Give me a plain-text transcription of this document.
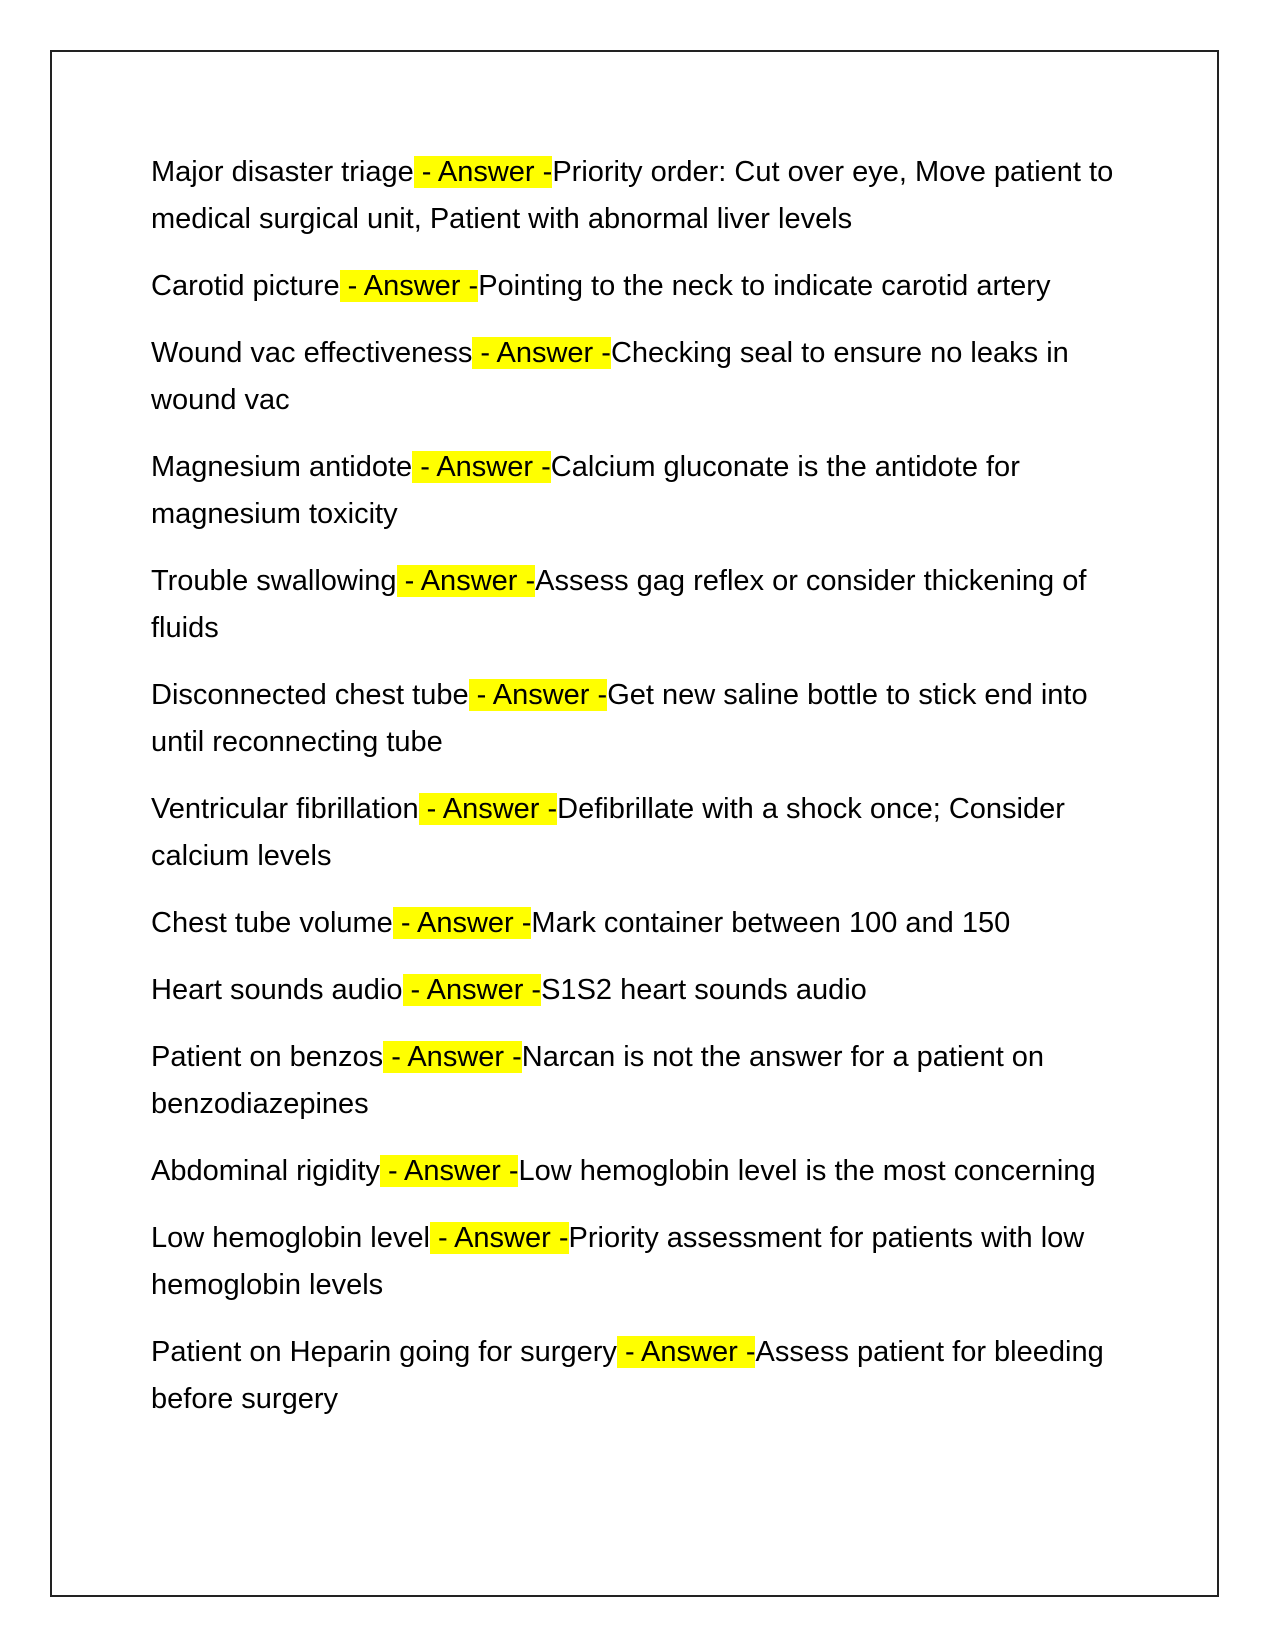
Major disaster triage - Answer -Priority order: Cut over eye, Move patient to medical surgical unit, Patient with abnormal liver levels

Carotid picture - Answer -Pointing to the neck to indicate carotid artery

Wound vac effectiveness - Answer -Checking seal to ensure no leaks in wound vac

Magnesium antidote - Answer -Calcium gluconate is the antidote for magnesium toxicity

Trouble swallowing - Answer -Assess gag reflex or consider thickening of fluids

Disconnected chest tube - Answer -Get new saline bottle to stick end into until reconnecting tube

Ventricular fibrillation - Answer -Defibrillate with a shock once; Consider calcium levels

Chest tube volume - Answer -Mark container between 100 and 150

Heart sounds audio - Answer -S1S2 heart sounds audio

Patient on benzos - Answer -Narcan is not the answer for a patient on benzodiazepines

Abdominal rigidity - Answer -Low hemoglobin level is the most concerning

Low hemoglobin level - Answer -Priority assessment for patients with low hemoglobin levels

Patient on Heparin going for surgery - Answer -Assess patient for bleeding before surgery
